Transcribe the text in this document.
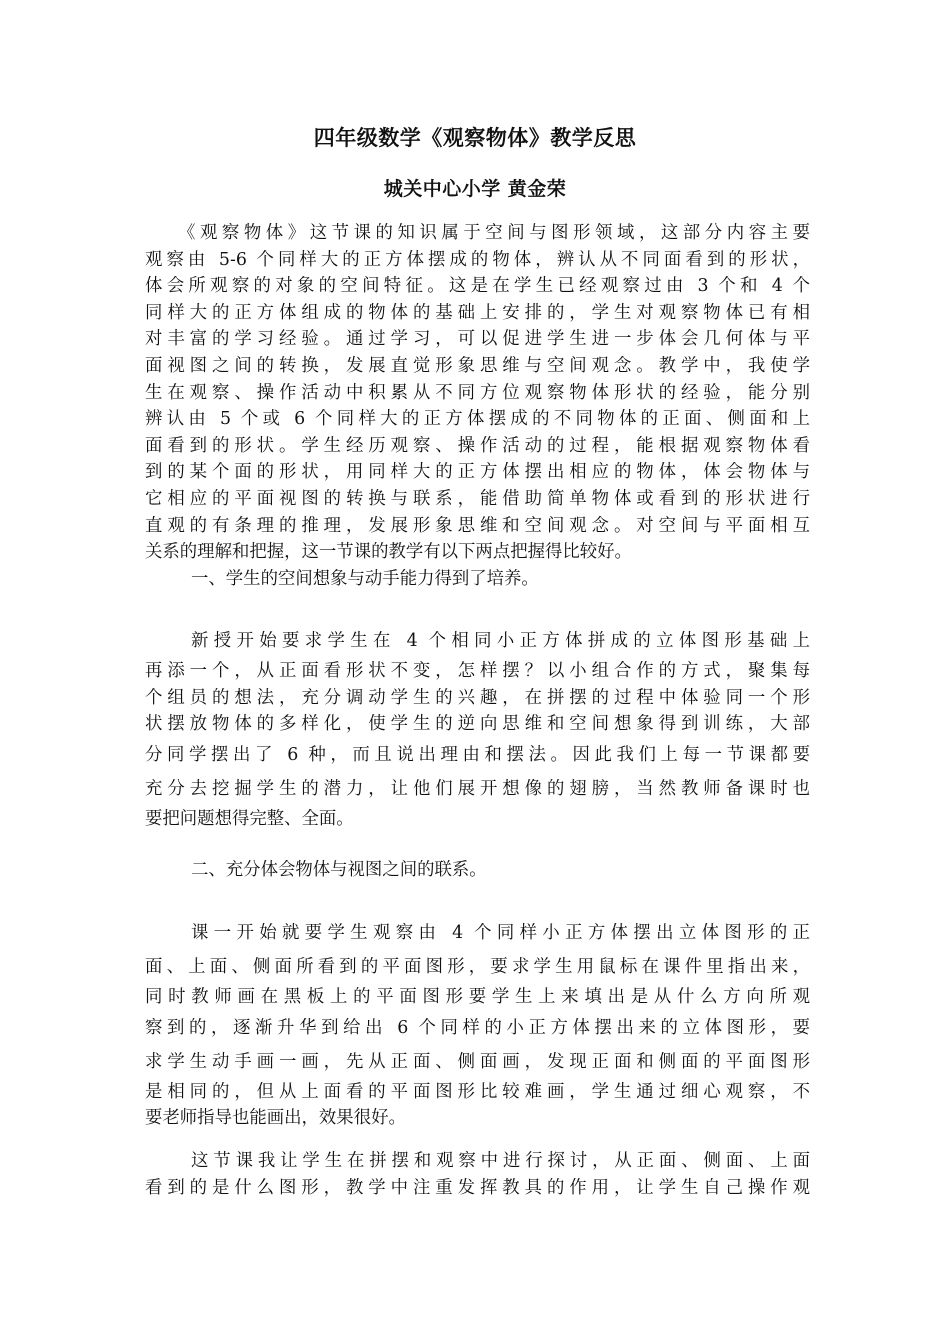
四年级数学《观察物体》教学反思
城关中心小学 黄金荣
《观察物体》这节课的知识属于空间与图形领域，这部分内容主要
观察由 5-6 个同样大的正方体摆成的物体，辨认从不同面看到的形状，
体会所观察的对象的空间特征。这是在学生已经观察过由 3 个和 4 个
同样大的正方体组成的物体的基础上安排的，学生对观察物体已有相
对丰富的学习经验。通过学习，可以促进学生进一步体会几何体与平
面视图之间的转换，发展直觉形象思维与空间观念。教学中，我使学
生在观察、操作活动中积累从不同方位观察物体形状的经验，能分别
辨认由 5 个或 6 个同样大的正方体摆成的不同物体的正面、侧面和上
面看到的形状。学生经历观察、操作活动的过程，能根据观察物体看
到的某个面的形状，用同样大的正方体摆出相应的物体，体会物体与
它相应的平面视图的转换与联系，能借助简单物体或看到的形状进行
直观的有条理的推理，发展形象思维和空间观念。对空间与平面相互
关系的理解和把握，这一节课的教学有以下两点把握得比较好。
一、学生的空间想象与动手能力得到了培养。
新授开始要求学生在 4 个相同小正方体拼成的立体图形基础上
再添一个，从正面看形状不变，怎样摆？以小组合作的方式，聚集每
个组员的想法，充分调动学生的兴趣，在拼摆的过程中体验同一个形
状摆放物体的多样化，使学生的逆向思维和空间想象得到训练，大部
分同学摆出了 6 种，而且说出理由和摆法。因此我们上每一节课都要
充分去挖掘学生的潜力，让他们展开想像的翅膀，当然教师备课时也
要把问题想得完整、全面。
二、充分体会物体与视图之间的联系。
课一开始就要学生观察由 4 个同样小正方体摆出立体图形的正
面、上面、侧面所看到的平面图形，要求学生用鼠标在课件里指出来，
同时教师画在黑板上的平面图形要学生上来填出是从什么方向所观
察到的，逐渐升华到给出 6 个同样的小正方体摆出来的立体图形，要
求学生动手画一画，先从正面、侧面画，发现正面和侧面的平面图形
是相同的，但从上面看的平面图形比较难画，学生通过细心观察，不
要老师指导也能画出，效果很好。
这节课我让学生在拼摆和观察中进行探讨，从正面、侧面、上面
看到的是什么图形，教学中注重发挥教具的作用，让学生自己操作观
